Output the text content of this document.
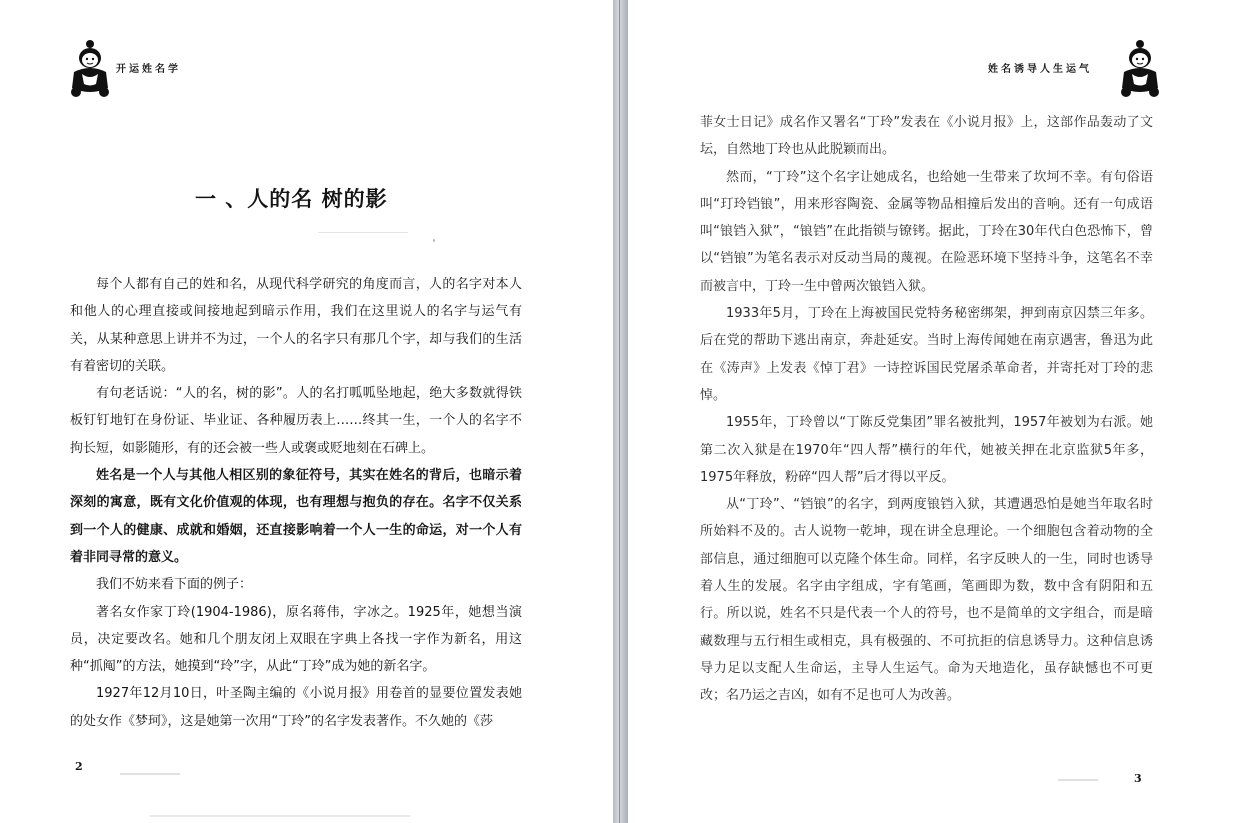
开运姓名学
一 、人的名 树的影

每个人都有自己的姓和名，从现代科学研究的角度而言，人的名字对本人和他人的心理直接或间接地起到暗示作用，我们在这里说人的名字与运气有关，从某种意思上讲并不为过，一个人的名字只有那几个字，却与我们的生活有着密切的关联。

有句老话说：“人的名，树的影”。人的名打呱呱坠地起，绝大多数就得铁板钉钉地钉在身份证、毕业证、各种履历表上……终其一生，一个人的名字不拘长短，如影随形，有的还会被一些人或褒或贬地刻在石碑上。

姓名是一个人与其他人相区别的象征符号，其实在姓名的背后，也暗示着深刻的寓意，既有文化价值观的体现，也有理想与抱负的存在。名字不仅关系到一个人的健康、成就和婚姻，还直接影响着一个人一生的命运，对一个人有着非同寻常的意义。

我们不妨来看下面的例子：

著名女作家丁玲(1904-1986)，原名蒋伟，字冰之。1925年，她想当演员，决定要改名。她和几个朋友闭上双眼在字典上各找一字作为新名，用这种“抓阄”的方法，她摸到“玲”字，从此“丁玲”成为她的新名字。

1927年12月10日，叶圣陶主编的《小说月报》用卷首的显要位置发表她的处女作《梦珂》，这是她第一次用“丁玲”的名字发表著作。不久她的《莎

2
姓名诱导人生运气

菲女士日记》成名作又署名“丁玲”发表在《小说月报》上，这部作品轰动了文坛，自然地丁玲也从此脱颖而出。

然而，“丁玲”这个名字让她成名，也给她一生带来了坎坷不幸。有句俗语叫“玎玲铛锒”，用来形容陶瓷、金属等物品相撞后发出的音响。还有一句成语叫“锒铛入狱”，“锒铛”在此指锁与镣铐。据此，丁玲在30年代白色恐怖下，曾以“铛锒”为笔名表示对反动当局的蔑视。在险恶环境下坚持斗争，这笔名不幸而被言中，丁玲一生中曾两次锒铛入狱。

1933年5月，丁玲在上海被国民党特务秘密绑架，押到南京囚禁三年多。后在党的帮助下逃出南京，奔赴延安。当时上海传闻她在南京遇害，鲁迅为此在《涛声》上发表《悼丁君》一诗控诉国民党屠杀革命者，并寄托对丁玲的悲悼。

1955年，丁玲曾以“丁陈反党集团”罪名被批判，1957年被划为右派。她第二次入狱是在1970年“四人帮”横行的年代，她被关押在北京监狱5年多，1975年释放，粉碎“四人帮”后才得以平反。

从“丁玲”、“铛锒”的名字，到两度锒铛入狱，其遭遇恐怕是她当年取名时所始料不及的。古人说物一乾坤，现在讲全息理论。一个细胞包含着动物的全部信息，通过细胞可以克隆个体生命。同样，名字反映人的一生，同时也诱导着人生的发展。名字由字组成，字有笔画，笔画即为数，数中含有阴阳和五行。所以说，姓名不只是代表一个人的符号，也不是简单的文字组合，而是暗藏数理与五行相生或相克，具有极强的、不可抗拒的信息诱导力。这种信息诱导力足以支配人生命运，主导人生运气。命为天地造化，虽存缺憾也不可更改；名乃运之吉凶，如有不足也可人为改善。

3
